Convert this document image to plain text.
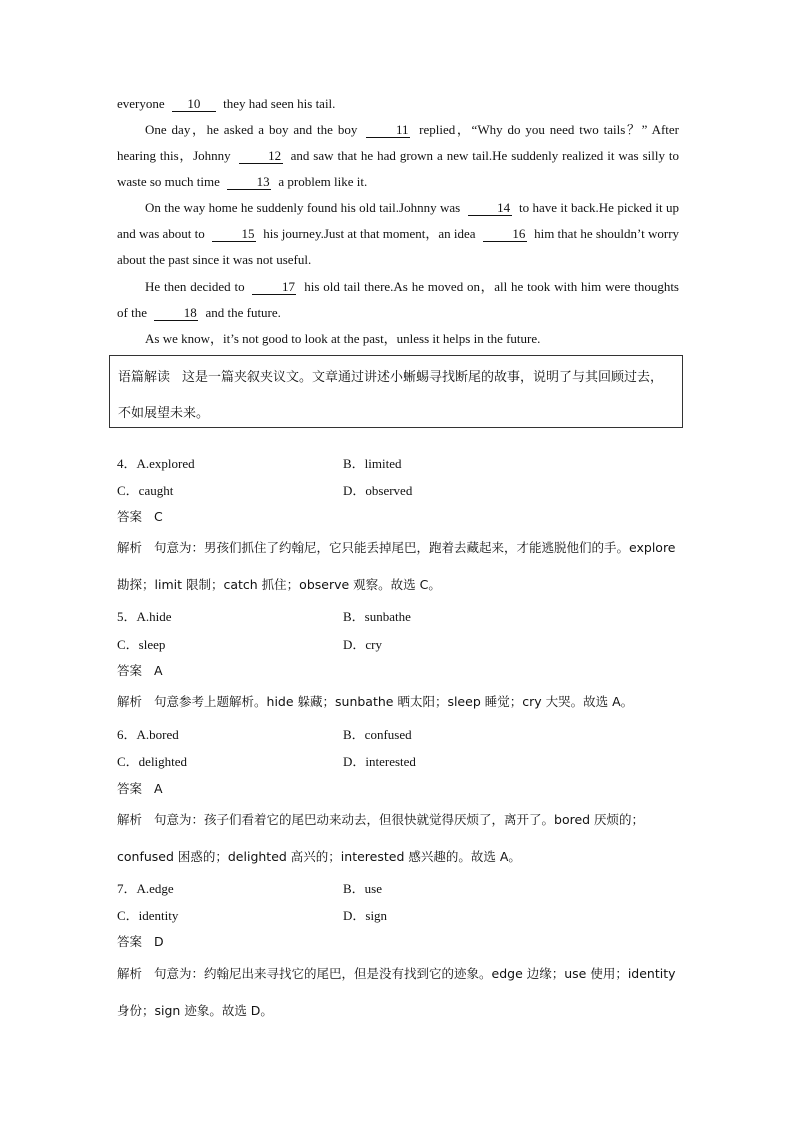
everyone 10 they had seen his tail.
One day，he asked a boy and the boy	11 replied，“Why do you need two tails？” After hearing this，Johnny	12 and saw that he had grown a new tail.He suddenly realized it was silly to waste so much time	13 a problem like it.
On the way home he suddenly found his old tail.Johnny was	14 to have it back.He picked it up and was about to	15 his journey.Just at that moment，an idea	16 him that he shouldn’t worry about the past since it was not useful.
He then decided to	17 his old tail there.As he moved on，all he took with him were thoughts of the	18 and the future.
As we know，it’s not good to look at the past，unless it helps in the future.
语篇解读 这是一篇夹叙夹议文。文章通过讲述小蜥蜴寻找断尾的故事，说明了与其回顾过去，不如展望未来。
4．A.explored	B．limited
C．caught	D．observed
答案 C
解析 句意为：男孩们抓住了约翰尼，它只能丢掉尾巴，跑着去藏起来，才能逃脱他们的手。explore 勘探；limit 限制；catch 抓住；observe 观察。故选 C。
5．A.hide	B．sunbathe
C．sleep	D．cry
答案 A
解析 句意参考上题解析。hide 躲藏；sunbathe 晒太阳；sleep 睡觉；cry 大哭。故选 A。
6．A.bored	B．confused
C．delighted	D．interested
答案 A
解析 句意为：孩子们看着它的尾巴动来动去，但很快就觉得厌烦了，离开了。bored 厌烦的；confused 困惑的；delighted 高兴的；interested 感兴趣的。故选 A。
7．A.edge	B．use
C．identity	D．sign
答案 D
解析 句意为：约翰尼出来寻找它的尾巴，但是没有找到它的迹象。edge 边缘；use 使用；identity 身份；sign 迹象。故选 D。
